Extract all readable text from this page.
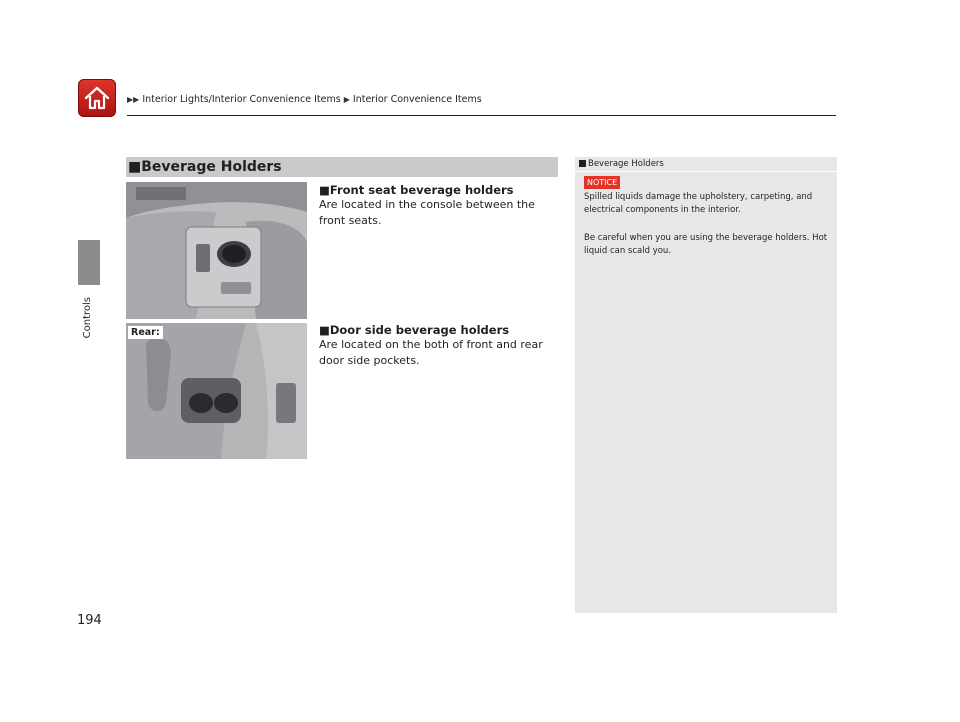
▶▶ Interior Lights/Interior Convenience Items ▶ Interior Convenience Items
Controls
194
■Beverage Holders
Rear:
■Front seat beverage holders
Are located in the console between the front seats.
■Door side beverage holders
Are located on the both of front and rear door side pockets.
Beverage Holders
NOTICE
Spilled liquids damage the upholstery, carpeting, and electrical components in the interior.
Be careful when you are using the beverage holders. Hot liquid can scald you.
